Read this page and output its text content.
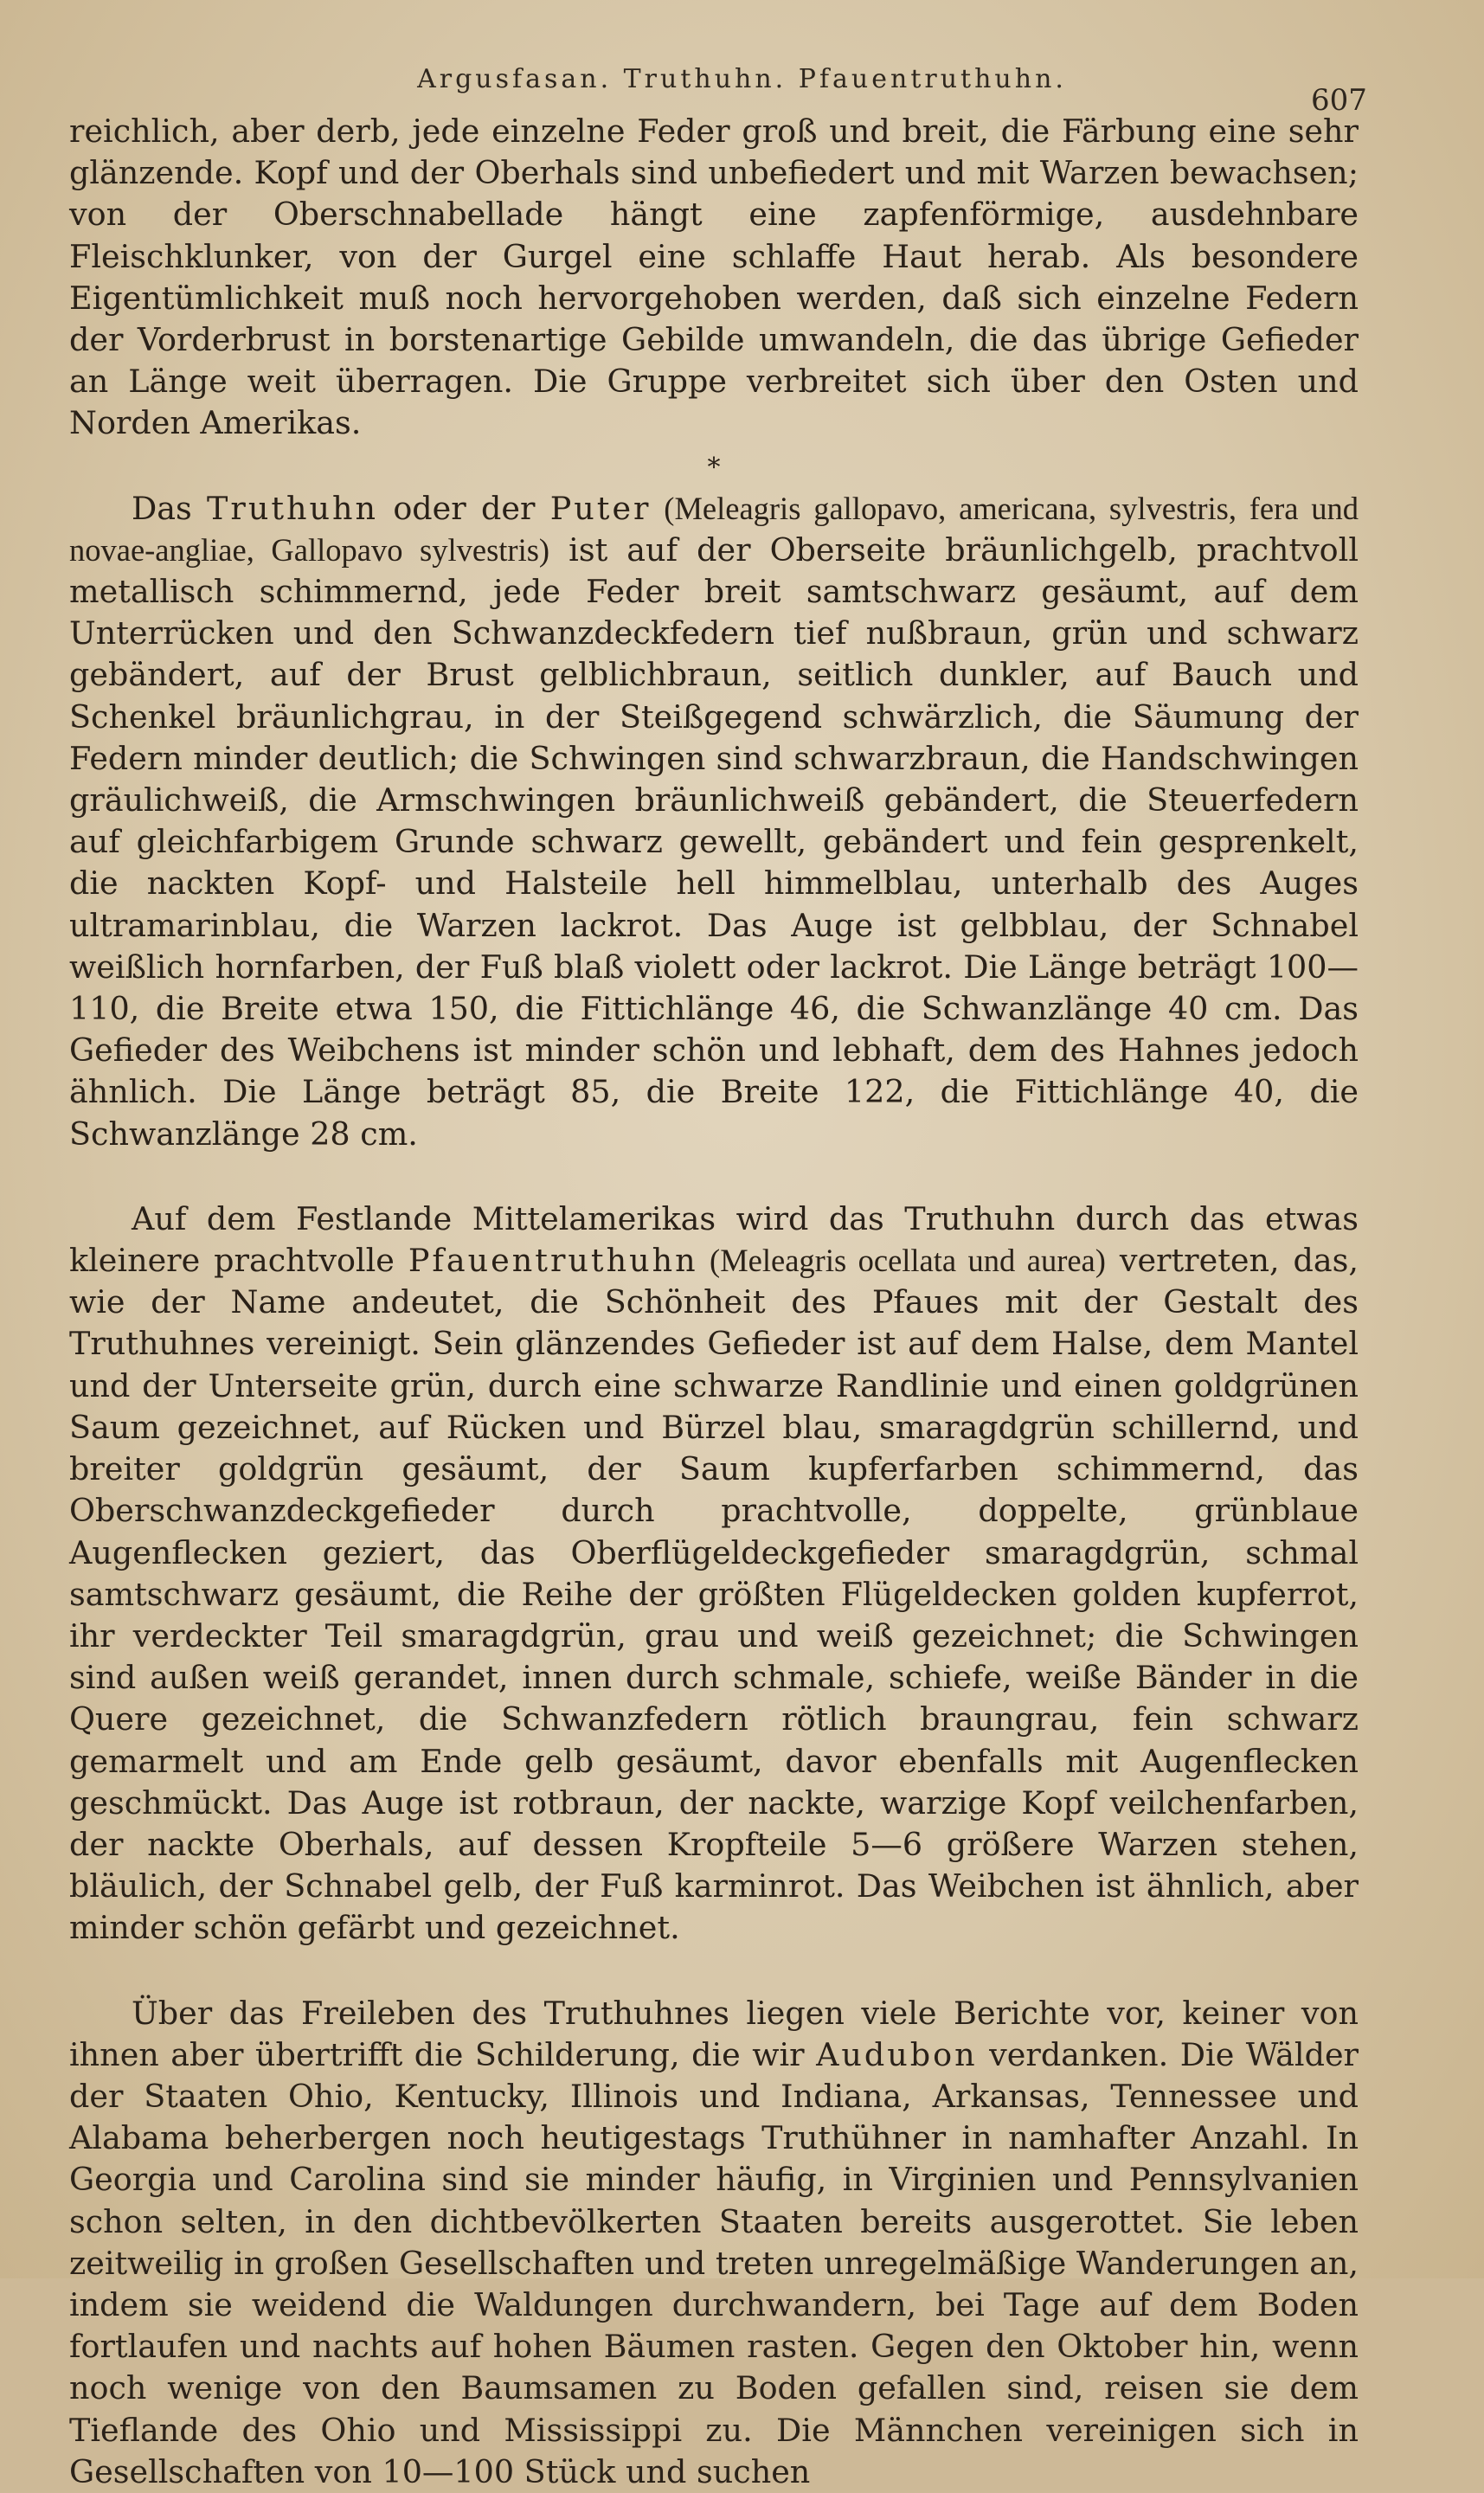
Argusfasan. Truthuhn. Pfauentruthuhn.
607

reichlich, aber derb, jede einzelne Feder groß und breit, die Färbung eine sehr glänzende. Kopf und der Oberhals sind unbefiedert und mit Warzen bewachsen; von der Oberschnabellade hängt eine zapfenförmige, ausdehnbare Fleischklunker, von der Gurgel eine schlaffe Haut herab. Als besondere Eigentümlichkeit muß noch hervorgehoben werden, daß sich einzelne Federn der Vorderbrust in borstenartige Gebilde umwandeln, die das übrige Gefieder an Länge weit überragen. Die Gruppe verbreitet sich über den Osten und Norden Amerikas.

*

Das Truthuhn oder der Puter (Meleagris gallopavo, americana, sylvestris, fera und novae-angliae, Gallopavo sylvestris) ist auf der Oberseite bräunlichgelb, prachtvoll metallisch schimmernd, jede Feder breit samtschwarz gesäumt, auf dem Unterrücken und den Schwanzdeckfedern tief nußbraun, grün und schwarz gebändert, auf der Brust gelblichbraun, seitlich dunkler, auf Bauch und Schenkel bräunlichgrau, in der Steißgegend schwärzlich, die Säumung der Federn minder deutlich; die Schwingen sind schwarzbraun, die Handschwingen gräulichweiß, die Armschwingen bräunlichweiß gebändert, die Steuerfedern auf gleichfarbigem Grunde schwarz gewellt, gebändert und fein gesprenkelt, die nackten Kopf- und Halsteile hell himmelblau, unterhalb des Auges ultramarinblau, die Warzen lackrot. Das Auge ist gelbblau, der Schnabel weißlich hornfarben, der Fuß blaß violett oder lackrot. Die Länge beträgt 100—110, die Breite etwa 150, die Fittichlänge 46, die Schwanzlänge 40 cm. Das Gefieder des Weibchens ist minder schön und lebhaft, dem des Hahnes jedoch ähnlich. Die Länge beträgt 85, die Breite 122, die Fittichlänge 40, die Schwanzlänge 28 cm.

Auf dem Festlande Mittelamerikas wird das Truthuhn durch das etwas kleinere prachtvolle Pfauentruthuhn (Meleagris ocellata und aurea) vertreten, das, wie der Name andeutet, die Schönheit des Pfaues mit der Gestalt des Truthuhnes vereinigt. Sein glänzendes Gefieder ist auf dem Halse, dem Mantel und der Unterseite grün, durch eine schwarze Randlinie und einen goldgrünen Saum gezeichnet, auf Rücken und Bürzel blau, smaragdgrün schillernd, und breiter goldgrün gesäumt, der Saum kupferfarben schimmernd, das Oberschwanzdeckgefieder durch prachtvolle, doppelte, grünblaue Augenflecken geziert, das Oberflügeldeckgefieder smaragdgrün, schmal samtschwarz gesäumt, die Reihe der größten Flügeldecken golden kupferrot, ihr verdeckter Teil smaragdgrün, grau und weiß gezeichnet; die Schwingen sind außen weiß gerandet, innen durch schmale, schiefe, weiße Bänder in die Quere gezeichnet, die Schwanzfedern rötlich braungrau, fein schwarz gemarmelt und am Ende gelb gesäumt, davor ebenfalls mit Augenflecken geschmückt. Das Auge ist rotbraun, der nackte, warzige Kopf veilchenfarben, der nackte Oberhals, auf dessen Kropfteile 5—6 größere Warzen stehen, bläulich, der Schnabel gelb, der Fuß karminrot. Das Weibchen ist ähnlich, aber minder schön gefärbt und gezeichnet.

Über das Freileben des Truthuhnes liegen viele Berichte vor, keiner von ihnen aber übertrifft die Schilderung, die wir Audubon verdanken. Die Wälder der Staaten Ohio, Kentucky, Illinois und Indiana, Arkansas, Tennessee und Alabama beherbergen noch heutigestags Truthühner in namhafter Anzahl. In Georgia und Carolina sind sie minder häufig, in Virginien und Pennsylvanien schon selten, in den dichtbevölkerten Staaten bereits ausgerottet. Sie leben zeitweilig in großen Gesellschaften und treten unregelmäßige Wanderungen an, indem sie weidend die Waldungen durchwandern, bei Tage auf dem Boden fortlaufen und nachts auf hohen Bäumen rasten. Gegen den Oktober hin, wenn noch wenige von den Baumsamen zu Boden gefallen sind, reisen sie dem Tieflande des Ohio und Mississippi zu. Die Männchen vereinigen sich in Gesellschaften von 10—100 Stück und suchen
